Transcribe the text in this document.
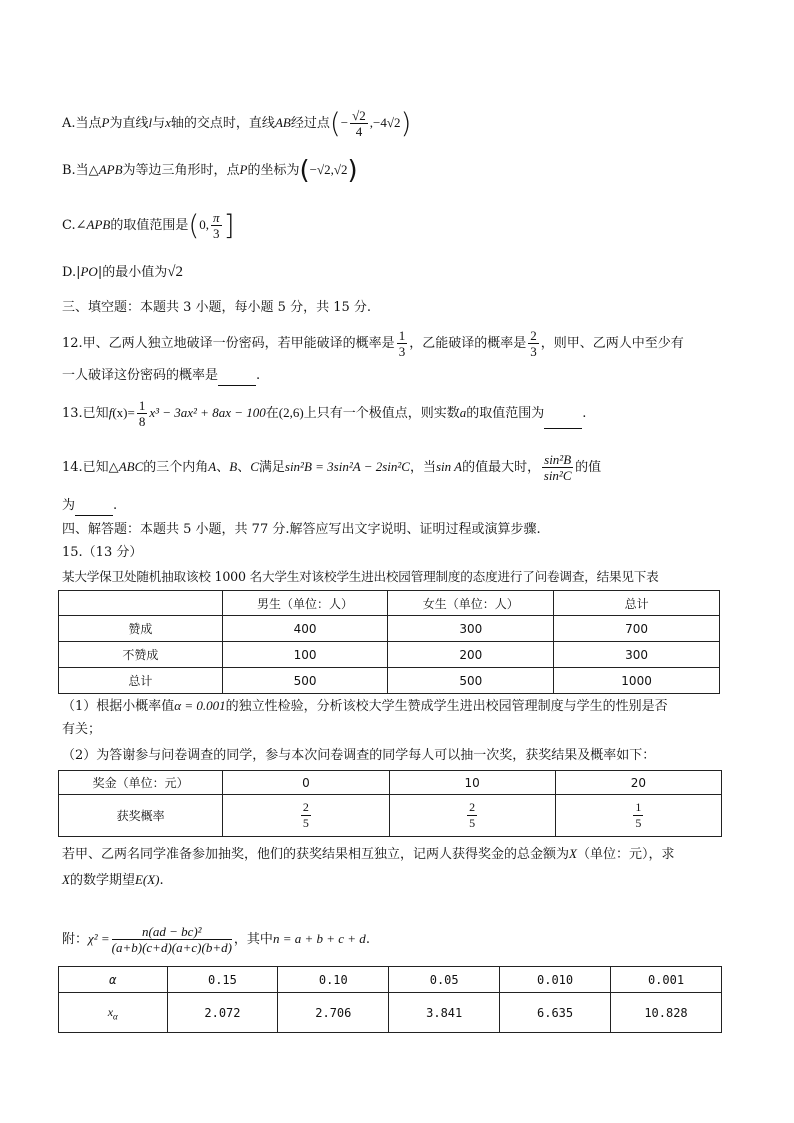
A.当点P为直线l与x轴的交点时，直线AB经过点(− $\frac{√2}{4} ,-4√2$)
B.当△APB为等边三角形时，点P的坐标为(−√2,√2)
C.∠APB的取值范围是(0, $\frac{\pi}{3}$ ]
D.|PO|的最小值为√2
三、填空题：本题共 3 小题，每小题 5 分，共 15 分.
12.甲、乙两人独立地破译一份密码，若甲能破译的概率是 $\frac{1}{3}$ ，乙能破译的概率是 $\frac{2}{3}$ ，则甲、乙两人中至少有
一人破译这份密码的概率是	.
13.已知$f(x)= \frac{1}{8} x^3 - 3ax^2 + 8ax - 100$在(2,6)上只有一个极值点，则实数a的取值范围为	.
14.已知△ABC的三个内角A、B、C满足sin²B = 3sin²A − 2sin²C，当sin A的值最大时， $\frac{\text{sin²B}}{\text{sin²C}}$ 的值
为	.
四、解答题：本题共 5 小题，共 77 分.解答应写出文字说明、证明过程或演算步骤.
15.（13 分）
某大学保卫处随机抽取该校 1000 名大学生对该校学生进出校园管理制度的态度进行了问卷调查，结果见下表
	男生（单位：人）	女生（单位：人）	总计
赞成	400	300	700
不赞成	100	200	300
总计	500	500	1000
（1）根据小概率值α = 0.001的独立性检验，分析该校大学生赞成学生进出校园管理制度与学生的性别是否
有关；
（2）为答谢参与问卷调查的同学，参与本次问卷调查的同学每人可以抽一次奖，获奖结果及概率如下：
奖金（单位：元）	0	10	20
获奖概率	$\frac{2}{5}$	$\frac{2}{5}$	$\frac{1}{5}$
若甲、乙两名同学准备参加抽奖，他们的获奖结果相互独立，记两人获得奖金的总金额为X（单位：元），求
X的数学期望E(X).
附：$\chi^2 = \frac{\text{n(ad − bc)²}}{(a+b)(c+d)(a+c)(b+d)}$ ，其中n = a + b + c + d.
α	0.15	0.10	0.05	0.010	0.001
$x_\alpha$	2.072	2.706	3.841	6.635	10.828
